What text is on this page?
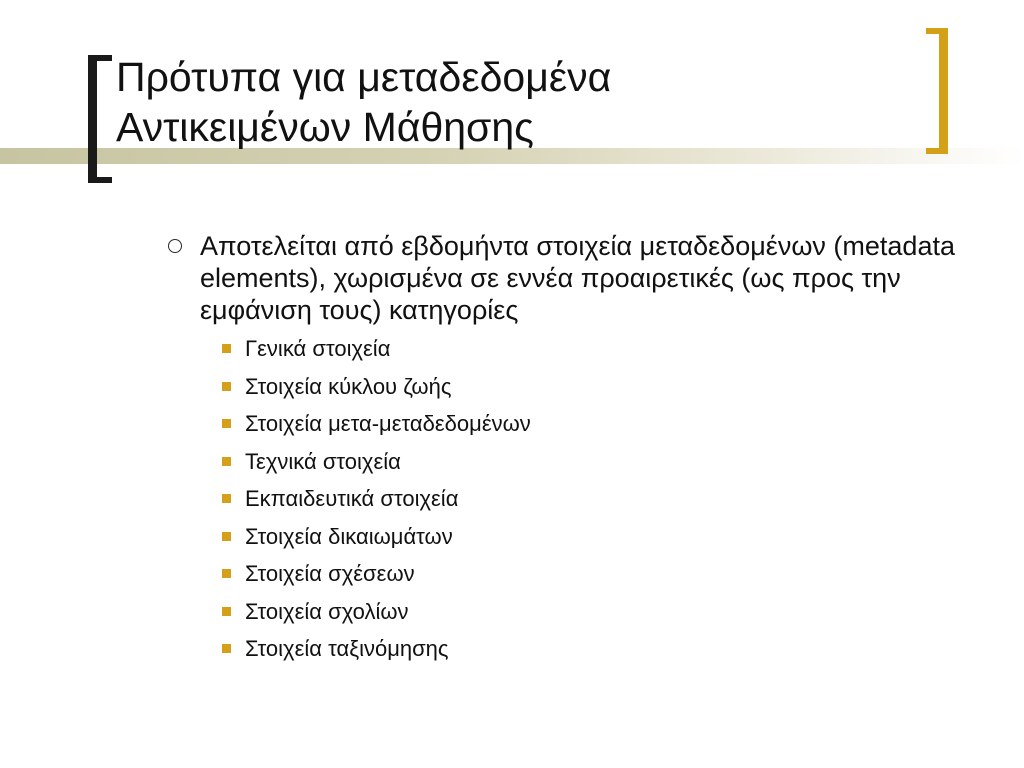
Πρότυπα για μεταδεδομένα
Αντικειμένων Μάθησης
Αποτελείται από εβδομήντα στοιχεία μεταδεδομένων (metadata elements), χωρισμένα σε εννέα προαιρετικές (ως προς την εμφάνιση τους) κατηγορίες
Γενικά στοιχεία
Στοιχεία κύκλου ζωής
Στοιχεία μετα-μεταδεδομένων
Τεχνικά στοιχεία
Εκπαιδευτικά στοιχεία
Στοιχεία δικαιωμάτων
Στοιχεία σχέσεων
Στοιχεία σχολίων
Στοιχεία ταξινόμησης
